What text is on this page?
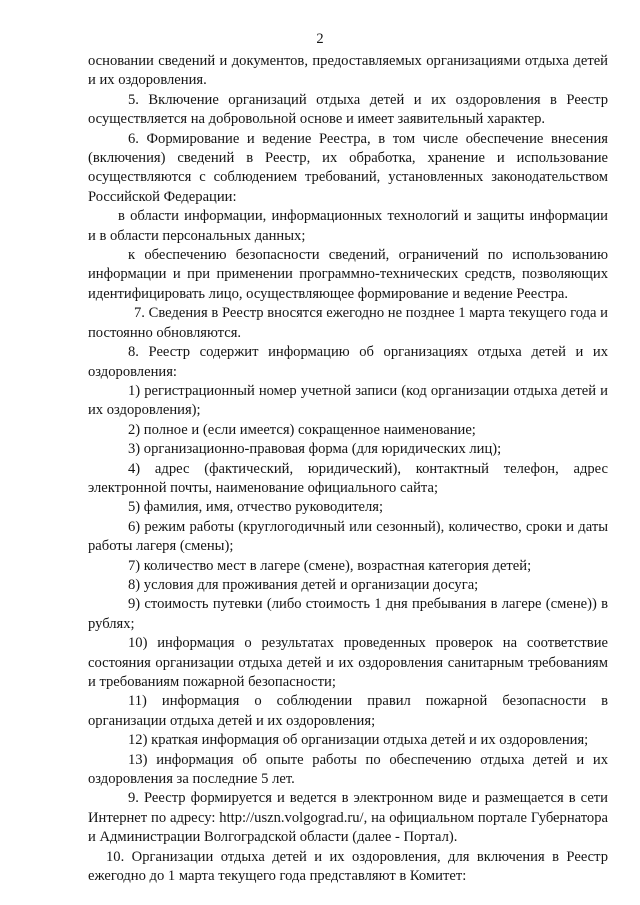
2

основании сведений и документов, предоставляемых организациями отдыха детей и их оздоровления.

5. Включение организаций отдыха детей и их оздоровления в Реестр осуществляется на добровольной основе и имеет заявительный характер.

6. Формирование и ведение Реестра, в том числе обеспечение внесения (включения) сведений в Реестр, их обработка, хранение и использование осуществляются с соблюдением требований, установленных законодательством Российской Федерации:

в области информации, информационных технологий и защиты информации и в области персональных данных;

к обеспечению безопасности сведений, ограничений по использованию информации и при применении программно-технических средств, позволяющих идентифицировать лицо, осуществляющее формирование и ведение Реестра.

7. Сведения в Реестр вносятся ежегодно не позднее 1 марта текущего года и постоянно обновляются.

8. Реестр содержит информацию об организациях отдыха детей и их оздоровления:

1) регистрационный номер учетной записи (код организации отдыха детей и их оздоровления);

2) полное и (если имеется) сокращенное наименование;

3) организационно-правовая форма (для юридических лиц);

4) адрес (фактический, юридический), контактный телефон, адрес электронной почты, наименование официального сайта;

5) фамилия, имя, отчество руководителя;

6) режим работы (круглогодичный или сезонный), количество, сроки и даты работы лагеря (смены);

7) количество мест в лагере (смене), возрастная категория детей;

8) условия для проживания детей и организации досуга;

9) стоимость путевки (либо стоимость 1 дня пребывания в лагере (смене)) в рублях;

10) информация о результатах проведенных проверок на соответствие состояния организации отдыха детей и их оздоровления санитарным требованиям и требованиям пожарной безопасности;

11) информация о соблюдении правил пожарной безопасности в организации отдыха детей и их оздоровления;

12) краткая информация об организации отдыха детей и их оздоровления;

13) информация об опыте работы по обеспечению отдыха детей и их оздоровления за последние 5 лет.

9. Реестр формируется и ведется в электронном виде и размещается в сети Интернет по адресу: http://uszn.volgograd.ru/, на официальном портале Губернатора и Администрации Волгоградской области (далее - Портал).

10. Организации отдыха детей и их оздоровления, для включения в Реестр ежегодно до 1 марта текущего года представляют в Комитет:
